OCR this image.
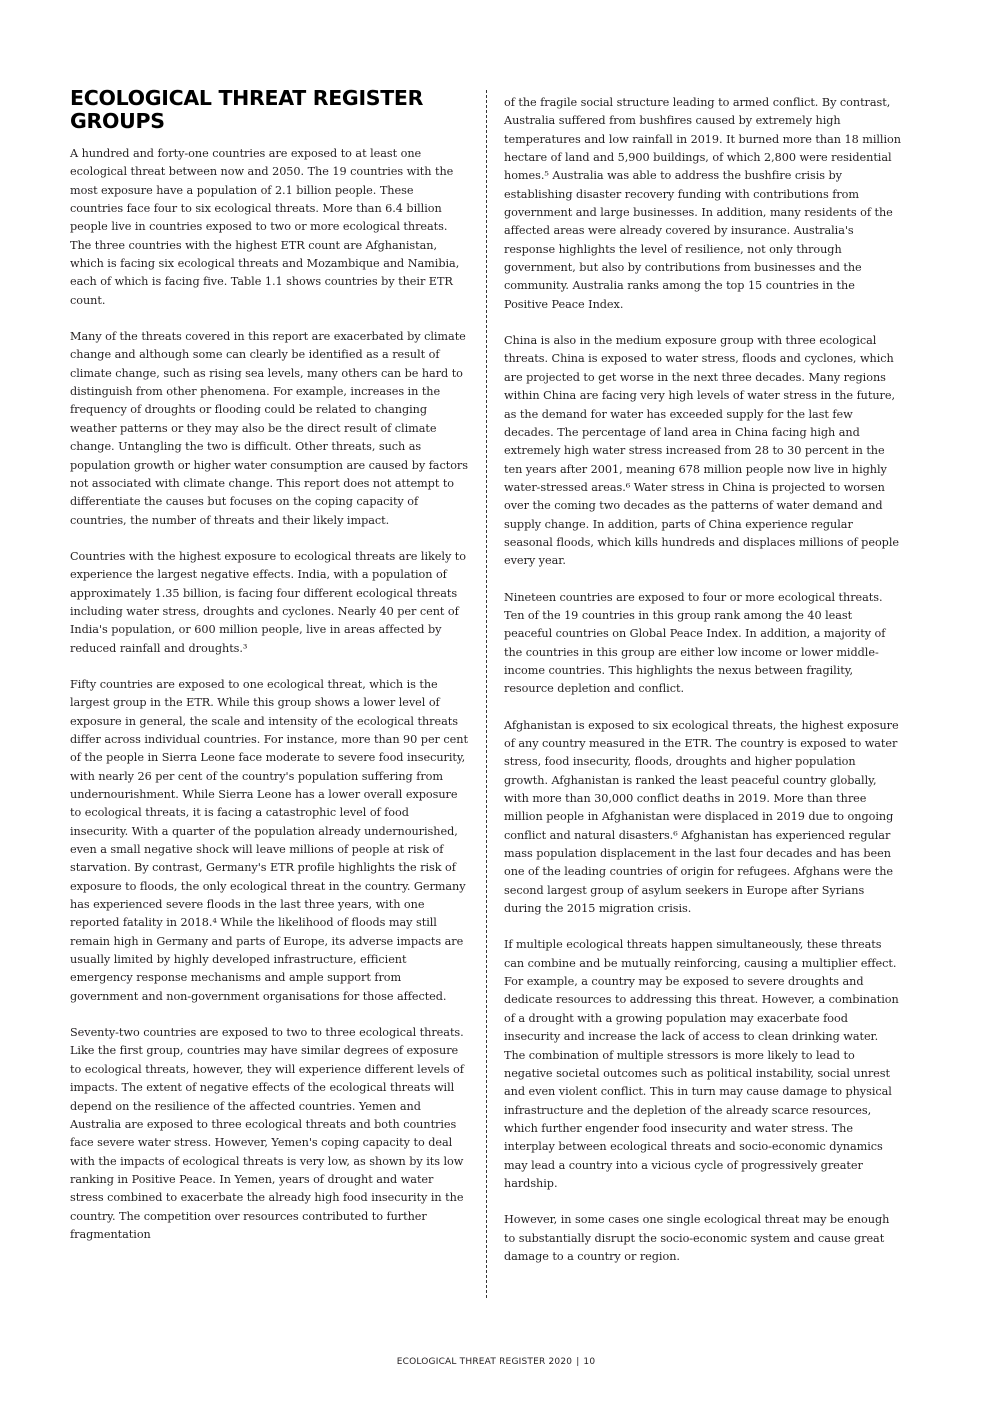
ECOLOGICAL THREAT REGISTER GROUPS

A hundred and forty-one countries are exposed to at least one ecological threat between now and 2050. The 19 countries with the most exposure have a population of 2.1 billion people. These countries face four to six ecological threats. More than 6.4 billion people live in countries exposed to two or more ecological threats. The three countries with the highest ETR count are Afghanistan, which is facing six ecological threats and Mozambique and Namibia, each of which is facing five. Table 1.1 shows countries by their ETR count.

Many of the threats covered in this report are exacerbated by climate change and although some can clearly be identified as a result of climate change, such as rising sea levels, many others can be hard to distinguish from other phenomena. For example, increases in the frequency of droughts or flooding could be related to changing weather patterns or they may also be the direct result of climate change. Untangling the two is difficult. Other threats, such as population growth or higher water consumption are caused by factors not associated with climate change. This report does not attempt to differentiate the causes but focuses on the coping capacity of countries, the number of threats and their likely impact.

Countries with the highest exposure to ecological threats are likely to experience the largest negative effects. India, with a population of approximately 1.35 billion, is facing four different ecological threats including water stress, droughts and cyclones. Nearly 40 per cent of India's population, or 600 million people, live in areas affected by reduced rainfall and droughts.³

Fifty countries are exposed to one ecological threat, which is the largest group in the ETR. While this group shows a lower level of exposure in general, the scale and intensity of the ecological threats differ across individual countries. For instance, more than 90 per cent of the people in Sierra Leone face moderate to severe food insecurity, with nearly 26 per cent of the country's population suffering from undernourishment. While Sierra Leone has a lower overall exposure to ecological threats, it is facing a catastrophic level of food insecurity. With a quarter of the population already undernourished, even a small negative shock will leave millions of people at risk of starvation. By contrast, Germany's ETR profile highlights the risk of exposure to floods, the only ecological threat in the country. Germany has experienced severe floods in the last three years, with one reported fatality in 2018.⁴ While the likelihood of floods may still remain high in Germany and parts of Europe, its adverse impacts are usually limited by highly developed infrastructure, efficient emergency response mechanisms and ample support from government and non-government organisations for those affected.

Seventy-two countries are exposed to two to three ecological threats. Like the first group, countries may have similar degrees of exposure to ecological threats, however, they will experience different levels of impacts. The extent of negative effects of the ecological threats will depend on the resilience of the affected countries. Yemen and Australia are exposed to three ecological threats and both countries face severe water stress. However, Yemen's coping capacity to deal with the impacts of ecological threats is very low, as shown by its low ranking in Positive Peace. In Yemen, years of drought and water stress combined to exacerbate the already high food insecurity in the country. The competition over resources contributed to further fragmentation

of the fragile social structure leading to armed conflict. By contrast, Australia suffered from bushfires caused by extremely high temperatures and low rainfall in 2019. It burned more than 18 million hectare of land and 5,900 buildings, of which 2,800 were residential homes.⁵ Australia was able to address the bushfire crisis by establishing disaster recovery funding with contributions from government and large businesses. In addition, many residents of the affected areas were already covered by insurance. Australia's response highlights the level of resilience, not only through government, but also by contributions from businesses and the community. Australia ranks among the top 15 countries in the Positive Peace Index.

China is also in the medium exposure group with three ecological threats. China is exposed to water stress, floods and cyclones, which are projected to get worse in the next three decades. Many regions within China are facing very high levels of water stress in the future, as the demand for water has exceeded supply for the last few decades. The percentage of land area in China facing high and extremely high water stress increased from 28 to 30 percent in the ten years after 2001, meaning 678 million people now live in highly water-stressed areas.⁶ Water stress in China is projected to worsen over the coming two decades as the patterns of water demand and supply change. In addition, parts of China experience regular seasonal floods, which kills hundreds and displaces millions of people every year.

Nineteen countries are exposed to four or more ecological threats. Ten of the 19 countries in this group rank among the 40 least peaceful countries on Global Peace Index. In addition, a majority of the countries in this group are either low income or lower middle-income countries. This highlights the nexus between fragility, resource depletion and conflict.

Afghanistan is exposed to six ecological threats, the highest exposure of any country measured in the ETR. The country is exposed to water stress, food insecurity, floods, droughts and higher population growth. Afghanistan is ranked the least peaceful country globally, with more than 30,000 conflict deaths in 2019. More than three million people in Afghanistan were displaced in 2019 due to ongoing conflict and natural disasters.⁶ Afghanistan has experienced regular mass population displacement in the last four decades and has been one of the leading countries of origin for refugees. Afghans were the second largest group of asylum seekers in Europe after Syrians during the 2015 migration crisis.

If multiple ecological threats happen simultaneously, these threats can combine and be mutually reinforcing, causing a multiplier effect. For example, a country may be exposed to severe droughts and dedicate resources to addressing this threat. However, a combination of a drought with a growing population may exacerbate food insecurity and increase the lack of access to clean drinking water. The combination of multiple stressors is more likely to lead to negative societal outcomes such as political instability, social unrest and even violent conflict. This in turn may cause damage to physical infrastructure and the depletion of the already scarce resources, which further engender food insecurity and water stress. The interplay between ecological threats and socio-economic dynamics may lead a country into a vicious cycle of progressively greater hardship.

However, in some cases one single ecological threat may be enough to substantially disrupt the socio-economic system and cause great damage to a country or region.

ECOLOGICAL THREAT REGISTER 2020 | 10
